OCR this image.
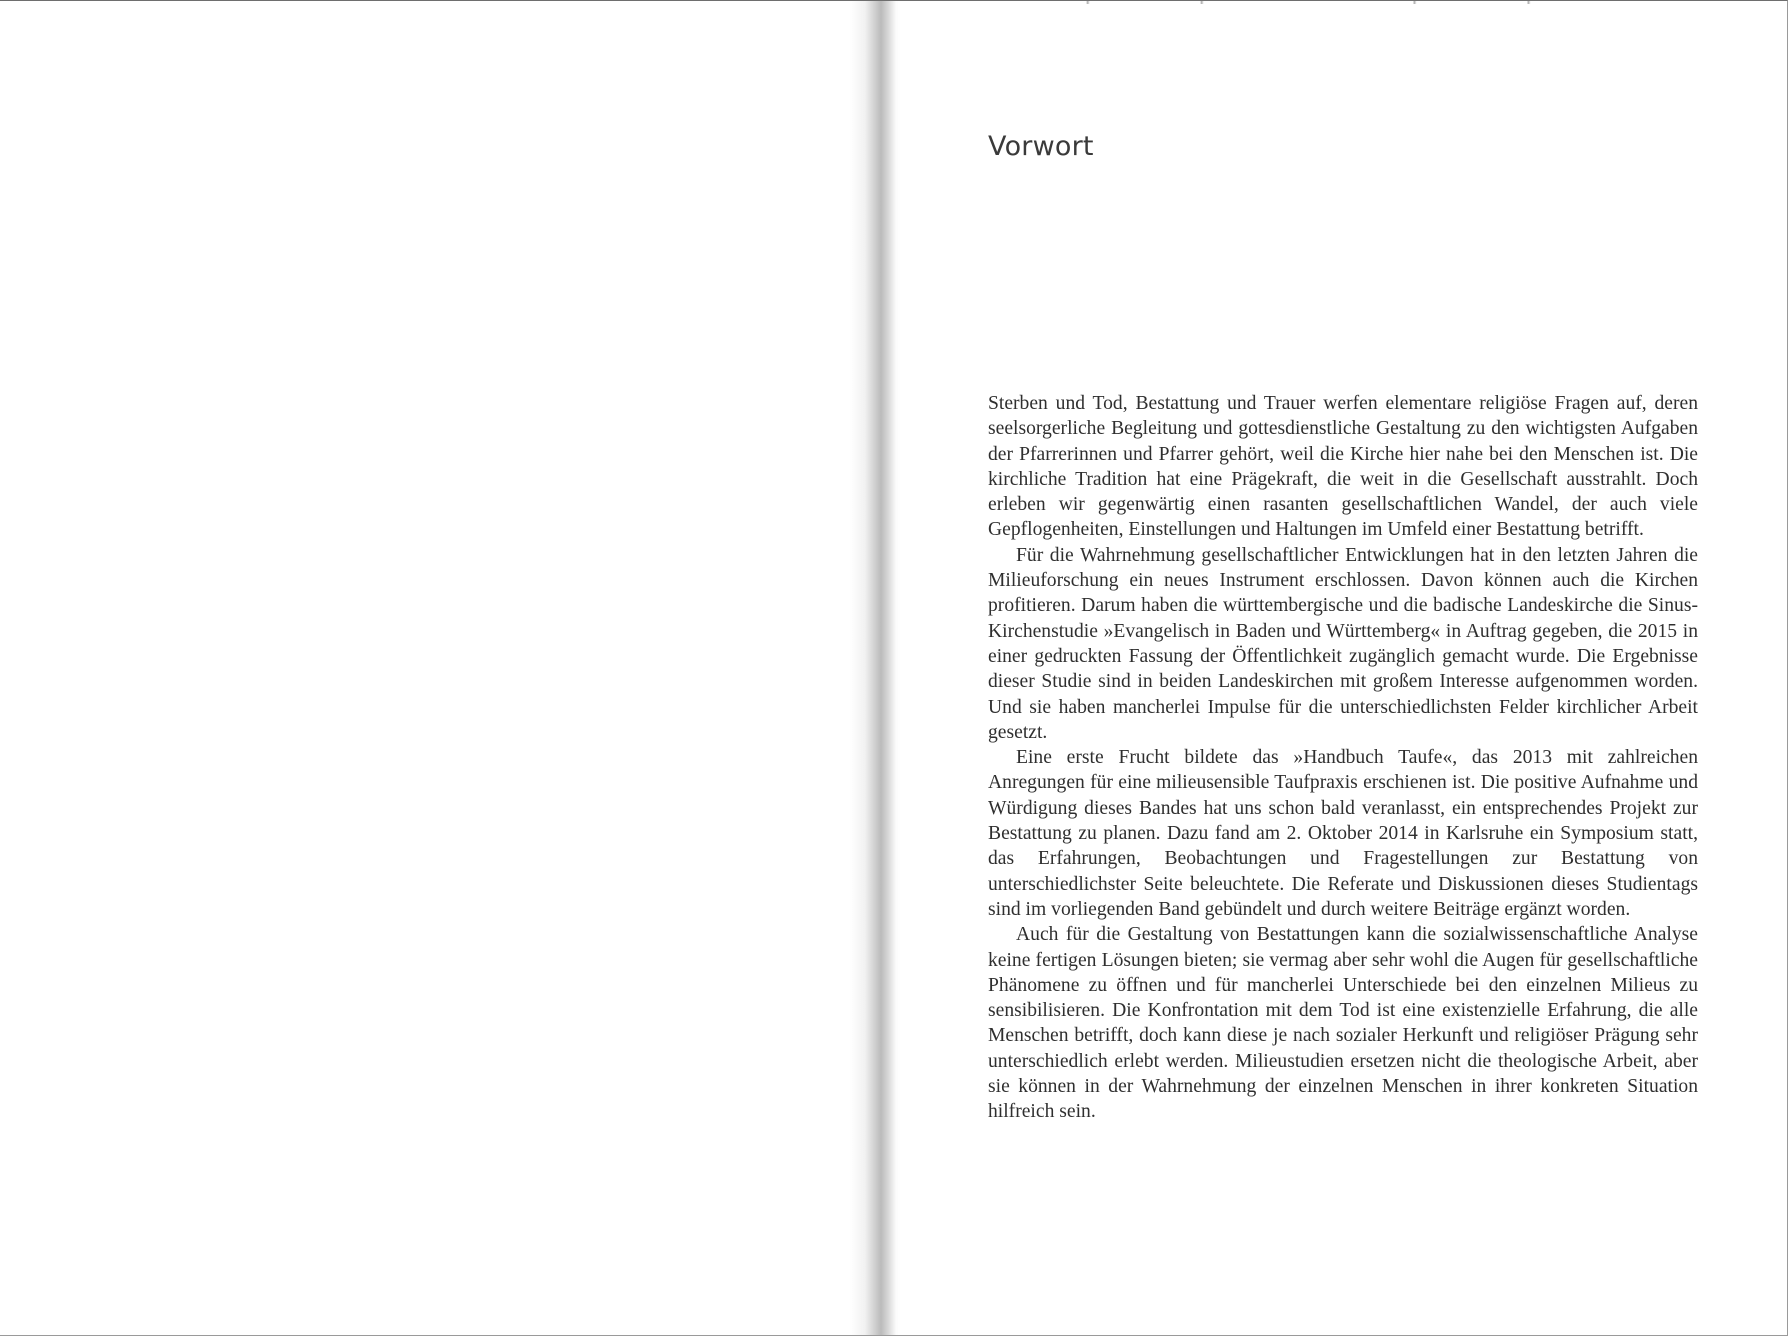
Vorwort

Sterben und Tod, Bestattung und Trauer werfen elementare religiöse Fragen auf, deren seelsorgerliche Begleitung und gottesdienstliche Gestaltung zu den wichtigsten Aufgaben der Pfarrerinnen und Pfarrer gehört, weil die Kirche hier nahe bei den Menschen ist. Die kirchliche Tradition hat eine Prägekraft, die weit in die Gesellschaft ausstrahlt. Doch erleben wir gegenwärtig einen rasanten gesellschaftlichen Wandel, der auch viele Gepflogenheiten, Einstellungen und Haltungen im Umfeld einer Bestattung betrifft.

Für die Wahrnehmung gesellschaftlicher Entwicklungen hat in den letzten Jahren die Milieuforschung ein neues Instrument erschlossen. Davon können auch die Kirchen profitieren. Darum haben die württembergische und die badische Landeskirche die Sinus-Kirchenstudie »Evangelisch in Baden und Württemberg« in Auftrag gegeben, die 2015 in einer gedruckten Fassung der Öffentlichkeit zugänglich gemacht wurde. Die Ergebnisse dieser Studie sind in beiden Landeskirchen mit großem Interesse aufgenommen worden. Und sie haben mancherlei Impulse für die unterschiedlichsten Felder kirchlicher Arbeit gesetzt.

Eine erste Frucht bildete das »Handbuch Taufe«, das 2013 mit zahlreichen Anregungen für eine milieusensible Taufpraxis erschienen ist. Die positive Aufnahme und Würdigung dieses Bandes hat uns schon bald veranlasst, ein entsprechendes Projekt zur Bestattung zu planen. Dazu fand am 2. Oktober 2014 in Karlsruhe ein Symposium statt, das Erfahrungen, Beobachtungen und Fragestellungen zur Bestattung von unterschiedlichster Seite beleuchtete. Die Referate und Diskussionen dieses Studientags sind im vorliegenden Band gebündelt und durch weitere Beiträge ergänzt worden.

Auch für die Gestaltung von Bestattungen kann die sozialwissenschaftliche Analyse keine fertigen Lösungen bieten; sie vermag aber sehr wohl die Augen für gesellschaftliche Phänomene zu öffnen und für mancherlei Unterschiede bei den einzelnen Milieus zu sensibilisieren. Die Konfrontation mit dem Tod ist eine existenzielle Erfahrung, die alle Menschen betrifft, doch kann diese je nach sozialer Herkunft und religiöser Prägung sehr unterschiedlich erlebt werden. Milieustudien ersetzen nicht die theologische Arbeit, aber sie können in der Wahrnehmung der einzelnen Menschen in ihrer konkreten Situation hilfreich sein.
